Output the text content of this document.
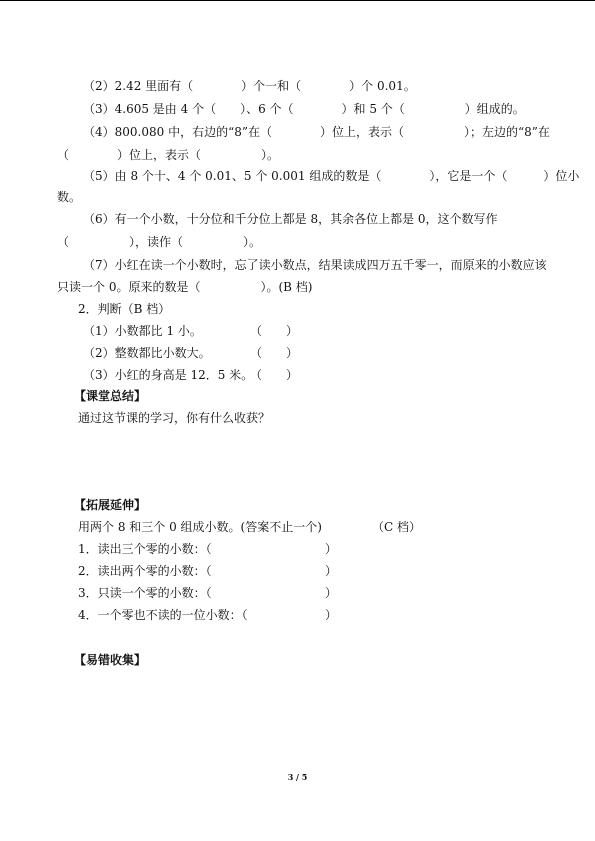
（2）2.42 里面有（　　　　）个一和（　　　　）个 0.01。
（3）4.605 是由 4 个（　　）、6 个（　　　　）和 5 个（　　　　　）组成的。
（4）800.080 中，右边的“8”在（　　　　）位上，表示（　　　　　）；左边的“8”在
（　　　　）位上，表示（　　　　　）。
（5）由 8 个十、4 个 0.01、5 个 0.001 组成的数是（　　　　），它是一个（　　　）位小
数。
（6）有一个小数，十分位和千分位上都是 8，其余各位上都是 0，这个数写作
（　　　　　），读作（　　　　　）。
（7）小红在读一个小数时，忘了读小数点，结果读成四万五千零一，而原来的小数应该
只读一个 0。原来的数是（　　　　　）。(B 档)
2．判断（B 档）
（1）小数都比 1 小。	（　　）
（2）整数都比小数大。	（　　）
（3）小红的身高是 12．5 米。
（　　）
【课堂总结】
通过这节课的学习，你有什么收获？
【拓展延伸】
用两个 8 和三个 0 组成小数。(答案不止一个)	（C 档）
1．读出三个零的小数：（	）
2．读出两个零的小数：（	）
3．只读一个零的小数：（	）
4．一个零也不读的一位小数：（	）
【易错收集】
3 / 5
